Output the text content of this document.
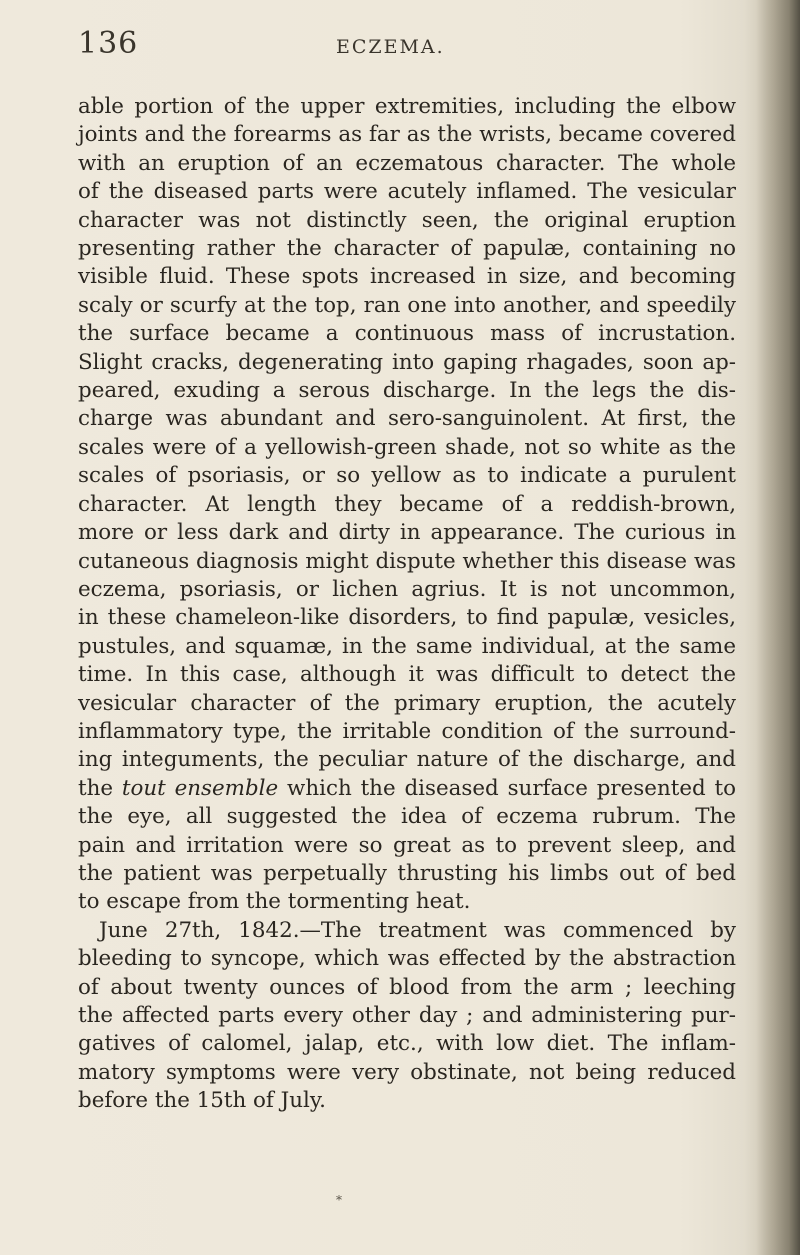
136	ECZEMA.
able portion of the upper extremities, including the elbow
joints and the forearms as far as the wrists, became covered
with an eruption of an eczematous character. The whole
of the diseased parts were acutely inflamed. The vesicular
character was not distinctly seen, the original eruption
presenting rather the character of papulæ, containing no
visible fluid. These spots increased in size, and becoming
scaly or scurfy at the top, ran one into another, and speedily
the surface became a continuous mass of incrustation.
Slight cracks, degenerating into gaping rhagades, soon ap-
peared, exuding a serous discharge. In the legs the dis-
charge was abundant and sero-sanguinolent. At first, the
scales were of a yellowish-green shade, not so white as the
scales of psoriasis, or so yellow as to indicate a purulent
character. At length they became of a reddish-brown,
more or less dark and dirty in appearance. The curious in
cutaneous diagnosis might dispute whether this disease was
eczema, psoriasis, or lichen agrius. It is not uncommon,
in these chameleon-like disorders, to find papulæ, vesicles,
pustules, and squamæ, in the same individual, at the same
time. In this case, although it was difficult to detect the
vesicular character of the primary eruption, the acutely
inflammatory type, the irritable condition of the surround-
ing integuments, the peculiar nature of the discharge, and
the tout ensemble which the diseased surface presented to
the eye, all suggested the idea of eczema rubrum. The
pain and irritation were so great as to prevent sleep, and
the patient was perpetually thrusting his limbs out of bed
to escape from the tormenting heat.
June 27th, 1842.—The treatment was commenced by
bleeding to syncope, which was effected by the abstraction
of about twenty ounces of blood from the arm ; leeching
the affected parts every other day ; and administering pur-
gatives of calomel, jalap, etc., with low diet. The inflam-
matory symptoms were very obstinate, not being reduced
before the 15th of July.
*
